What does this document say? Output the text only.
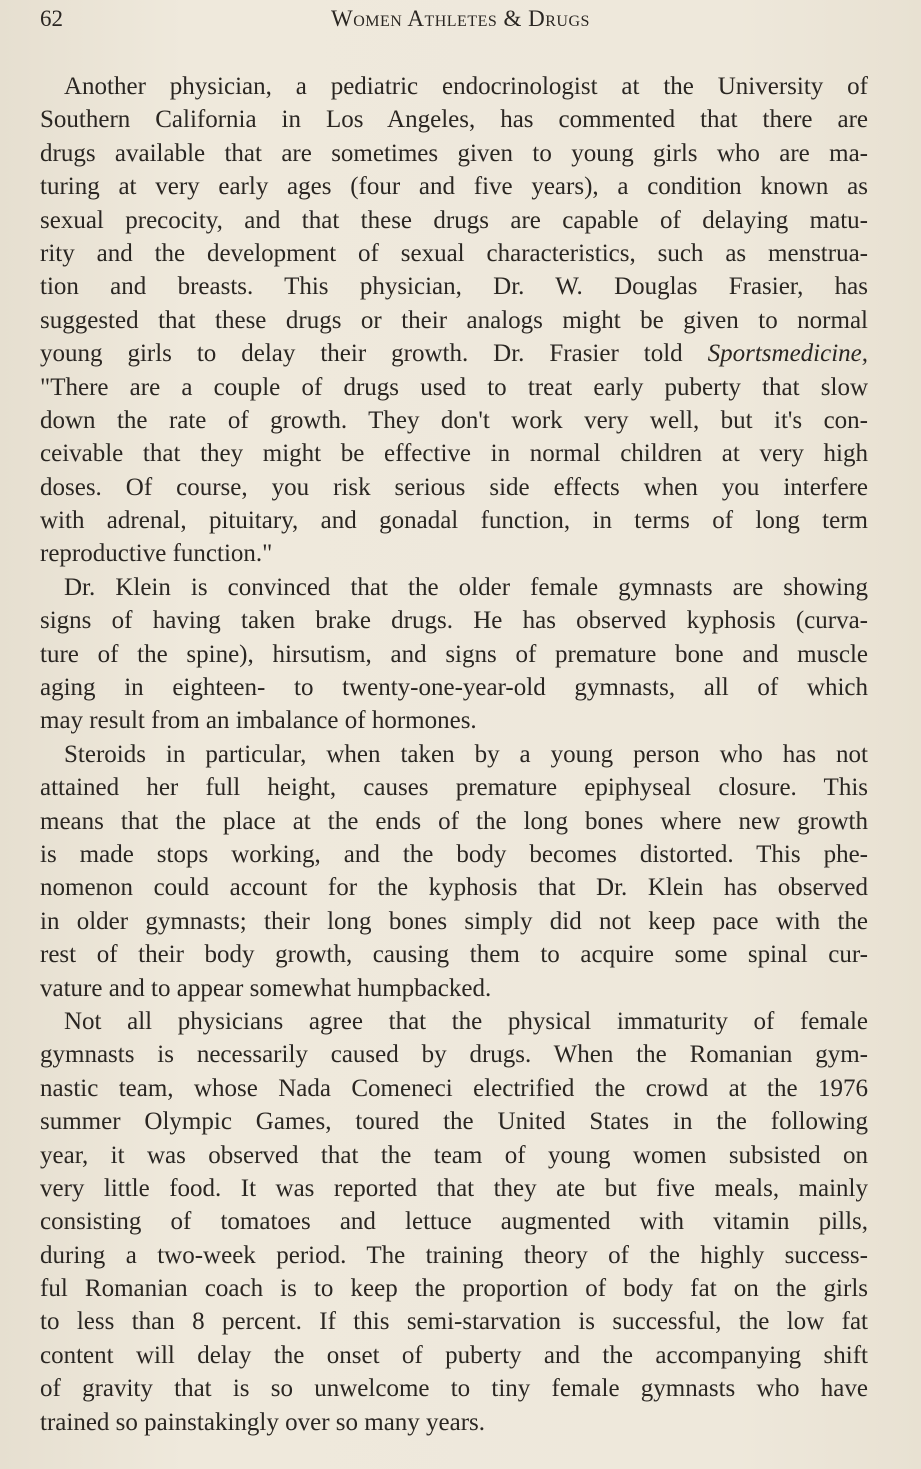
62	Women Athletes & Drugs
Another physician, a pediatric endocrinologist at the University of
Southern California in Los Angeles, has commented that there are
drugs available that are sometimes given to young girls who are ma-
turing at very early ages (four and five years), a condition known as
sexual precocity, and that these drugs are capable of delaying matu-
rity and the development of sexual characteristics, such as menstrua-
tion and breasts. This physician, Dr. W. Douglas Frasier, has
suggested that these drugs or their analogs might be given to normal
young girls to delay their growth. Dr. Frasier told Sportsmedicine,
"There are a couple of drugs used to treat early puberty that slow
down the rate of growth. They don't work very well, but it's con-
ceivable that they might be effective in normal children at very high
doses. Of course, you risk serious side effects when you interfere
with adrenal, pituitary, and gonadal function, in terms of long term
reproductive function."
Dr. Klein is convinced that the older female gymnasts are showing
signs of having taken brake drugs. He has observed kyphosis (curva-
ture of the spine), hirsutism, and signs of premature bone and muscle
aging in eighteen- to twenty-one-year-old gymnasts, all of which
may result from an imbalance of hormones.
Steroids in particular, when taken by a young person who has not
attained her full height, causes premature epiphyseal closure. This
means that the place at the ends of the long bones where new growth
is made stops working, and the body becomes distorted. This phe-
nomenon could account for the kyphosis that Dr. Klein has observed
in older gymnasts; their long bones simply did not keep pace with the
rest of their body growth, causing them to acquire some spinal cur-
vature and to appear somewhat humpbacked.
Not all physicians agree that the physical immaturity of female
gymnasts is necessarily caused by drugs. When the Romanian gym-
nastic team, whose Nada Comeneci electrified the crowd at the 1976
summer Olympic Games, toured the United States in the following
year, it was observed that the team of young women subsisted on
very little food. It was reported that they ate but five meals, mainly
consisting of tomatoes and lettuce augmented with vitamin pills,
during a two-week period. The training theory of the highly success-
ful Romanian coach is to keep the proportion of body fat on the girls
to less than 8 percent. If this semi-starvation is successful, the low fat
content will delay the onset of puberty and the accompanying shift
of gravity that is so unwelcome to tiny female gymnasts who have
trained so painstakingly over so many years.
